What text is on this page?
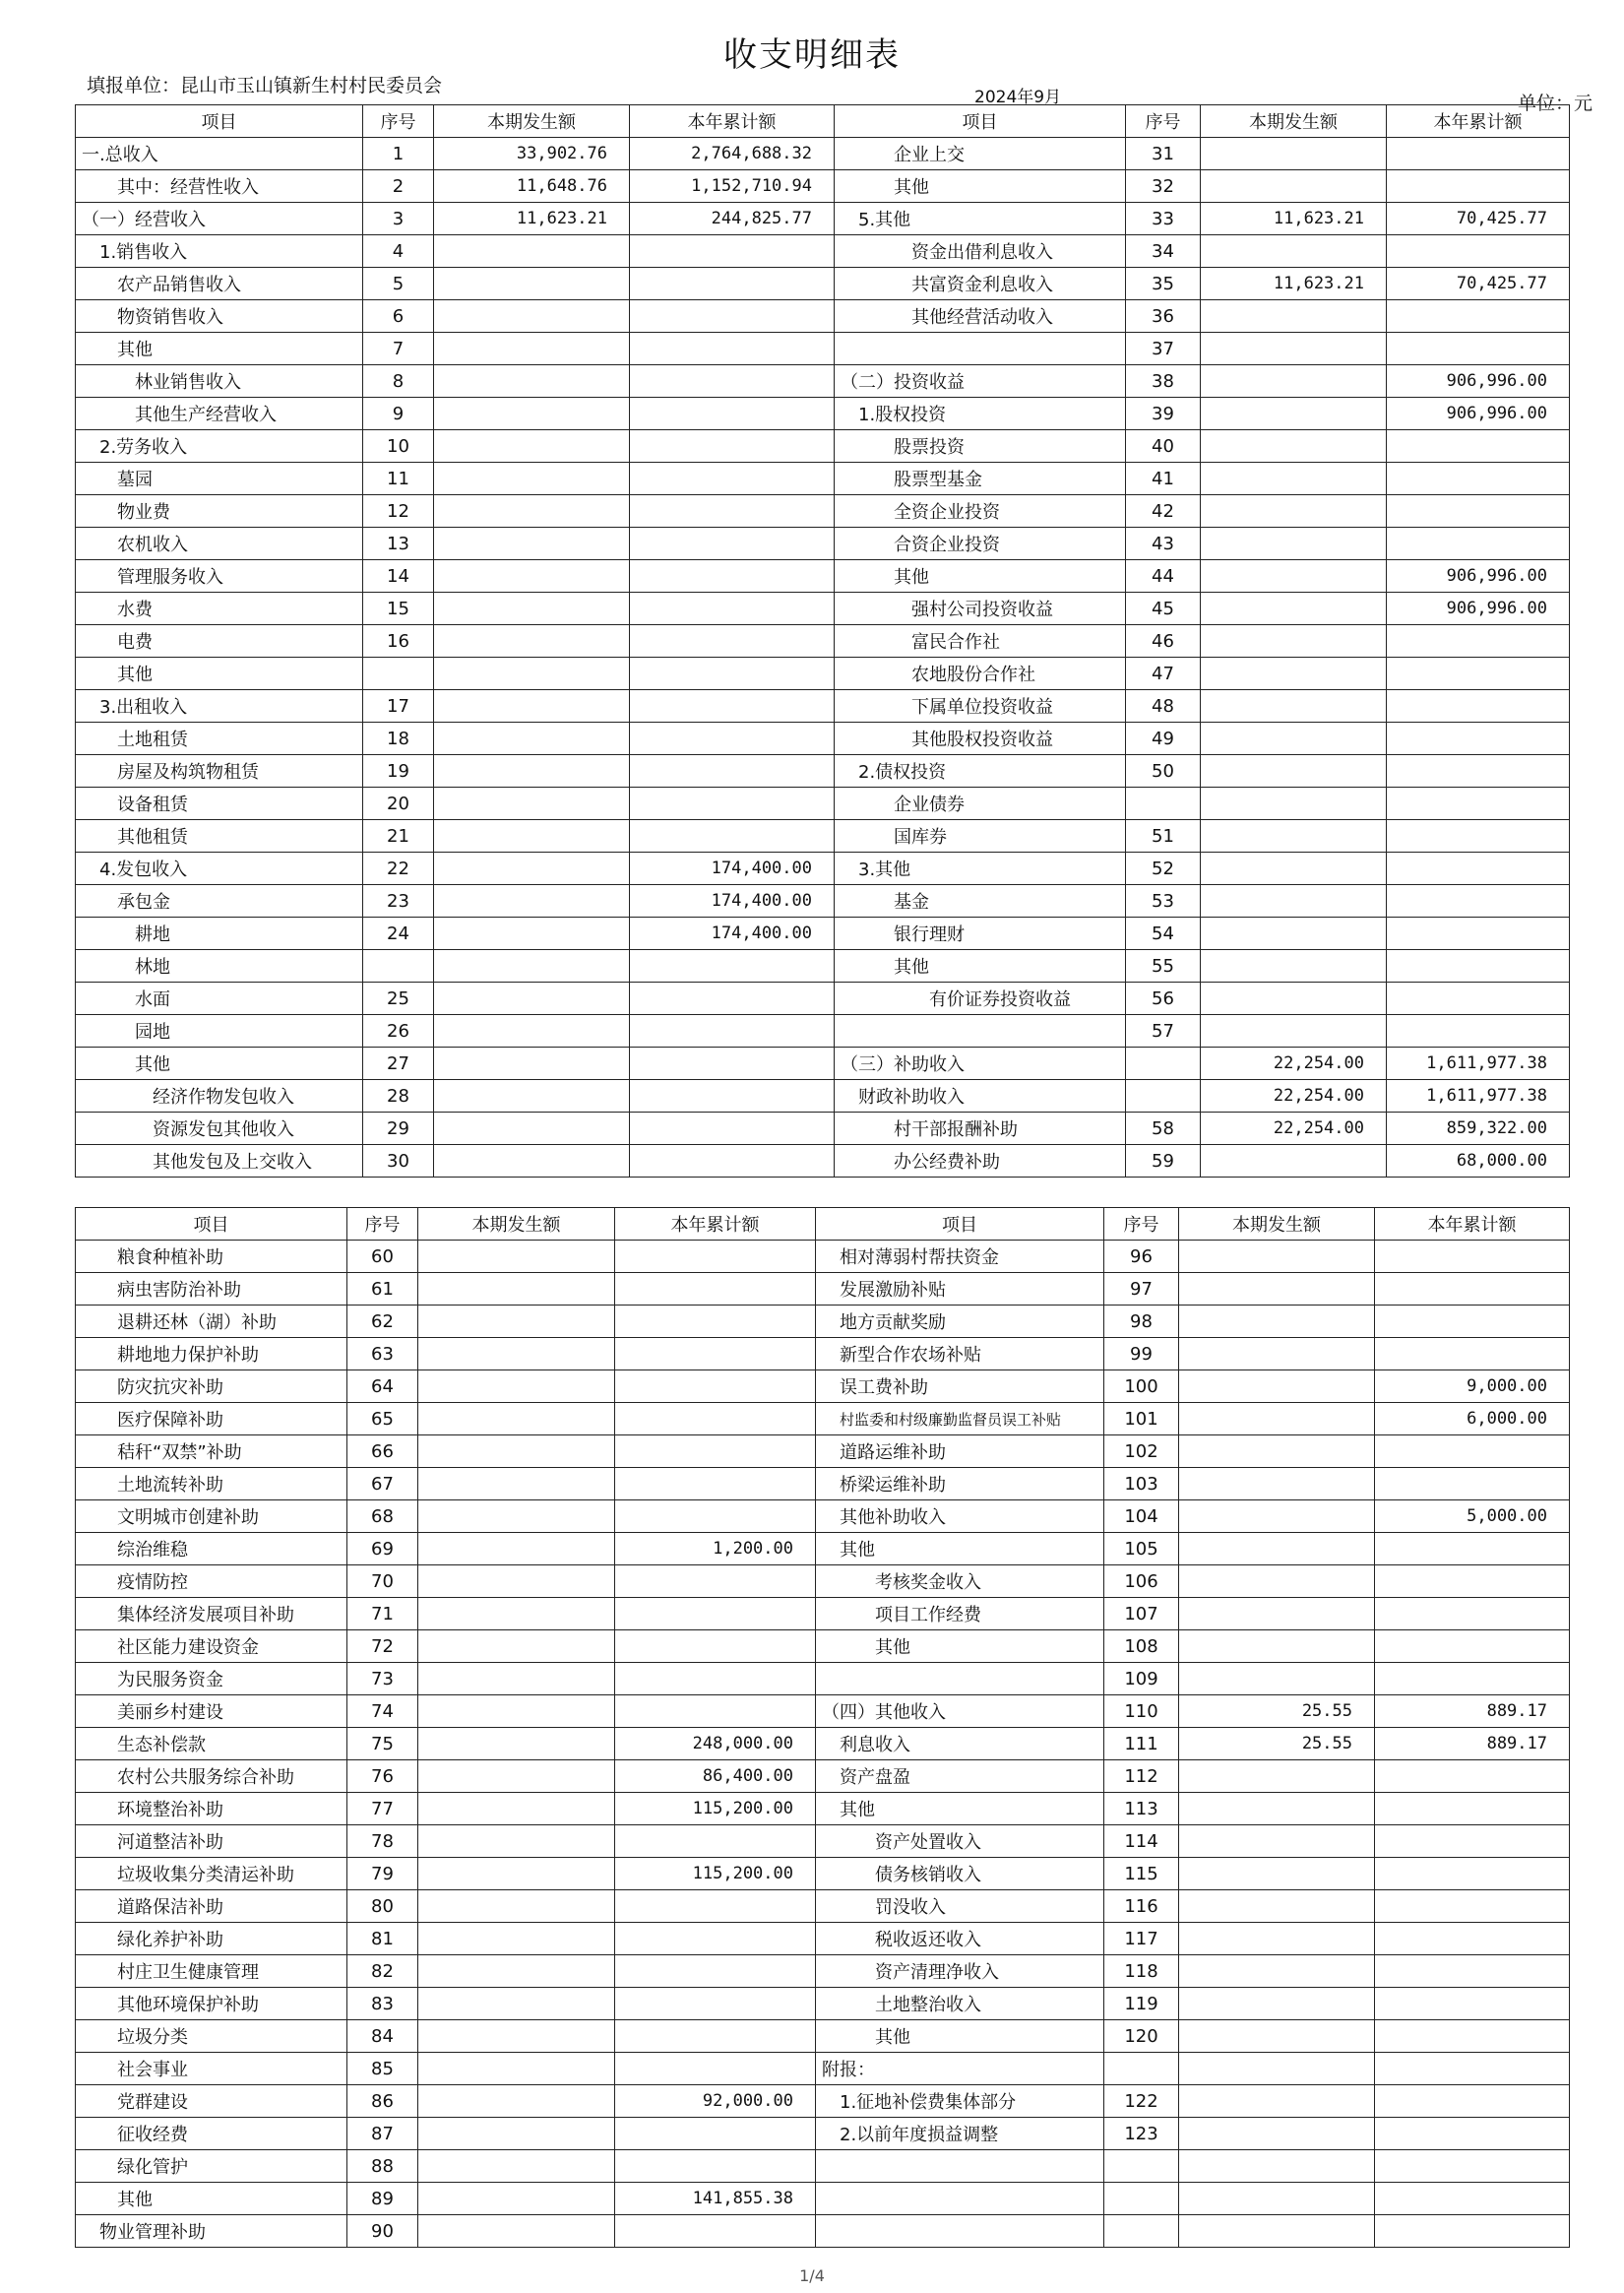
收支明细表
填报单位：昆山市玉山镇新生村村民委员会
2024年9月	单位：元
项目	序号	本期发生额	本年累计额	项目	序号	本期发生额	本年累计额
一.总收入	1	33,902.76	2,764,688.32	企业上交	31		
其中：经营性收入	2	11,648.76	1,152,710.94	其他	32		
（一）经营收入	3	11,623.21	244,825.77	5.其他	33	11,623.21	70,425.77
1.销售收入	4			资金出借利息收入	34		
农产品销售收入	5			共富资金利息收入	35	11,623.21	70,425.77
物资销售收入	6			其他经营活动收入	36		
其他	7				37		
林业销售收入	8			（二）投资收益	38		906,996.00
其他生产经营收入	9			1.股权投资	39		906,996.00
2.劳务收入	10			股票投资	40		
墓园	11			股票型基金	41		
物业费	12			全资企业投资	42		
农机收入	13			合资企业投资	43		
管理服务收入	14			其他	44		906,996.00
水费	15			强村公司投资收益	45		906,996.00
电费	16			富民合作社	46		
其他				农地股份合作社	47		
3.出租收入	17			下属单位投资收益	48		
土地租赁	18			其他股权投资收益	49		
房屋及构筑物租赁	19			2.债权投资	50		
设备租赁	20			企业债券			
其他租赁	21			国库券	51		
4.发包收入	22		174,400.00	3.其他	52		
承包金	23		174,400.00	基金	53		
耕地	24		174,400.00	银行理财	54		
林地				其他	55		
水面	25			有价证券投资收益	56		
园地	26				57		
其他	27			（三）补助收入		22,254.00	1,611,977.38
经济作物发包收入	28			财政补助收入		22,254.00	1,611,977.38
资源发包其他收入	29			村干部报酬补助	58	22,254.00	859,322.00
其他发包及上交收入	30			办公经费补助	59		68,000.00
项目	序号	本期发生额	本年累计额	项目	序号	本期发生额	本年累计额
粮食种植补助	60			相对薄弱村帮扶资金	96		
病虫害防治补助	61			发展激励补贴	97		
退耕还林（湖）补助	62			地方贡献奖励	98		
耕地地力保护补助	63			新型合作农场补贴	99		
防灾抗灾补助	64			误工费补助	100		9,000.00
医疗保障补助	65			村监委和村级廉勤监督员误工补贴	101		6,000.00
秸秆“双禁”补助	66			道路运维补助	102		
土地流转补助	67			桥梁运维补助	103		
文明城市创建补助	68			其他补助收入	104		5,000.00
综治维稳	69		1,200.00	其他	105		
疫情防控	70			考核奖金收入	106		
集体经济发展项目补助	71			项目工作经费	107		
社区能力建设资金	72			其他	108		
为民服务资金	73				109		
美丽乡村建设	74			（四）其他收入	110	25.55	889.17
生态补偿款	75		248,000.00	利息收入	111	25.55	889.17
农村公共服务综合补助	76		86,400.00	资产盘盈	112		
环境整治补助	77		115,200.00	其他	113		
河道整洁补助	78			资产处置收入	114		
垃圾收集分类清运补助	79		115,200.00	债务核销收入	115		
道路保洁补助	80			罚没收入	116		
绿化养护补助	81			税收返还收入	117		
村庄卫生健康管理	82			资产清理净收入	118		
其他环境保护补助	83			土地整治收入	119		
垃圾分类	84			其他	120		
社会事业	85			附报：			
党群建设	86		92,000.00	1.征地补偿费集体部分	122		
征收经费	87			2.以前年度损益调整	123		
绿化管护	88						
其他	89		141,855.38				
物业管理补助	90						
1/4
